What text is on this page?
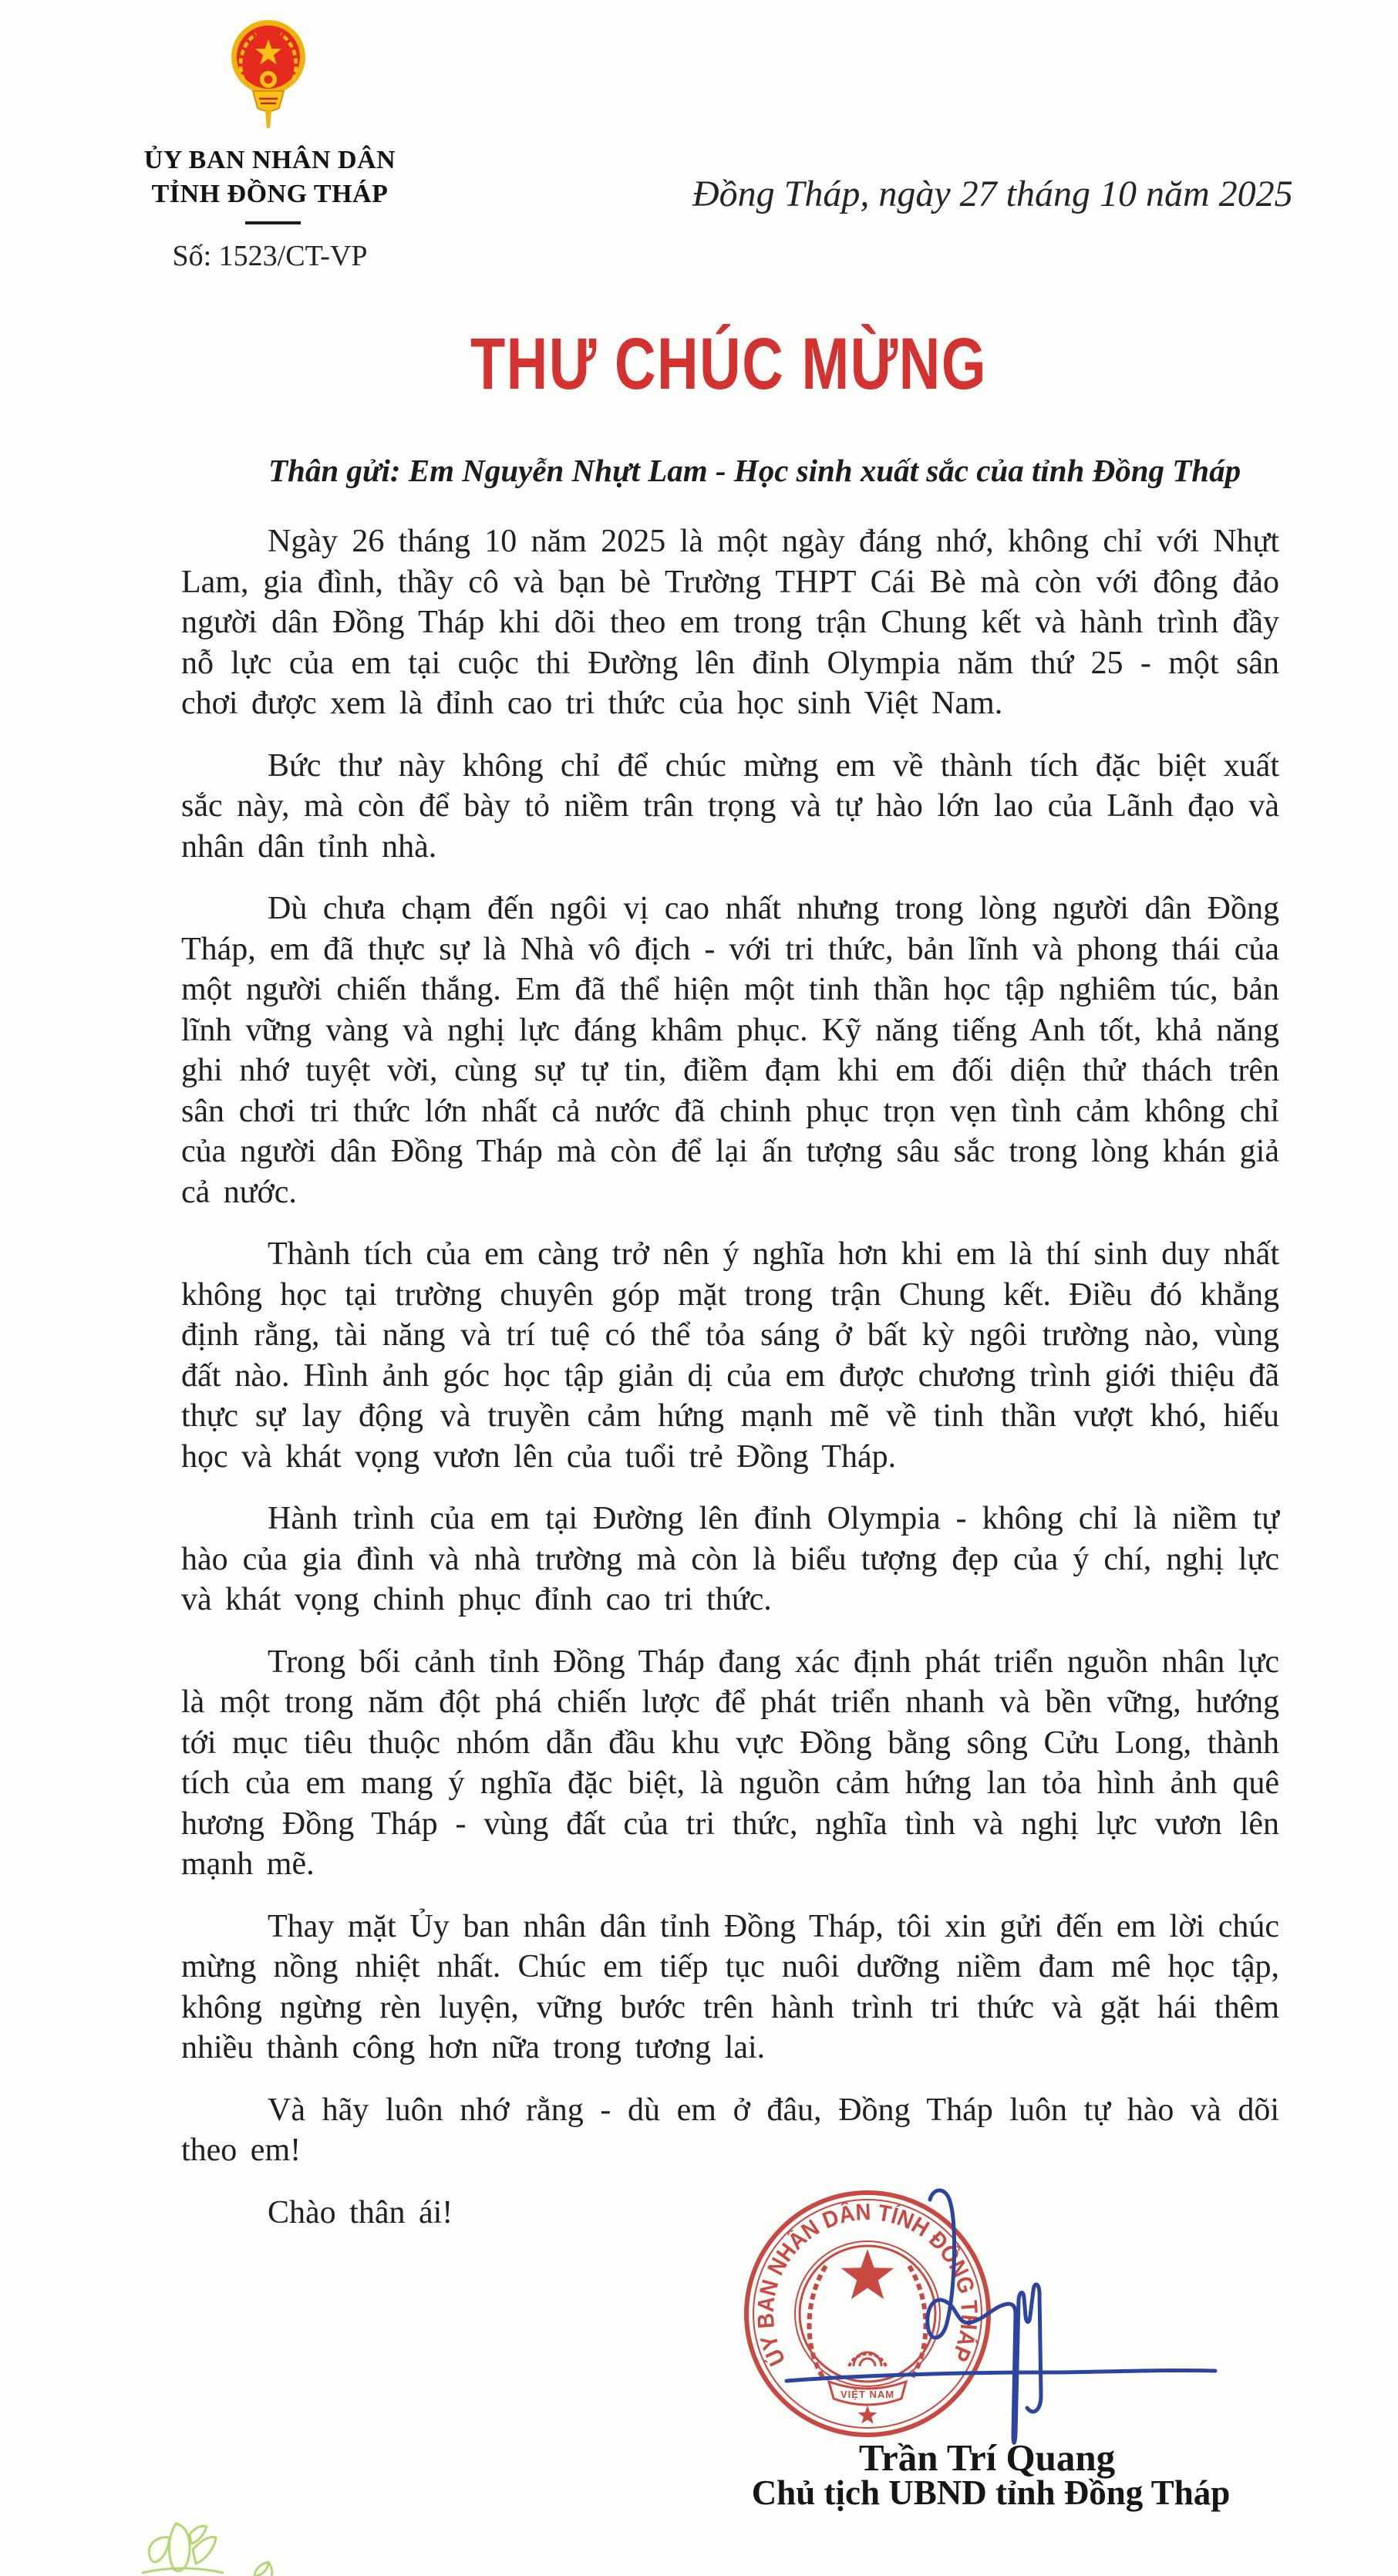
ỦY BAN NHÂN DÂN
TỈNH ĐỒNG THÁP
Số: 1523/CT-VP
Đồng Tháp, ngày 27 tháng 10 năm 2025
THƯ CHÚC MỪNG
Thân gửi: Em Nguyễn Nhựt Lam - Học sinh xuất sắc của tỉnh Đồng Tháp

Ngày 26 tháng 10 năm 2025 là một ngày đáng nhớ, không chỉ với Nhựt Lam, gia đình, thầy cô và bạn bè Trường THPT Cái Bè mà còn với đông đảo người dân Đồng Tháp khi dõi theo em trong trận Chung kết và hành trình đầy nỗ lực của em tại cuộc thi Đường lên đỉnh Olympia năm thứ 25 - một sân chơi được xem là đỉnh cao tri thức của học sinh Việt Nam.

Bức thư này không chỉ để chúc mừng em về thành tích đặc biệt xuất sắc này, mà còn để bày tỏ niềm trân trọng và tự hào lớn lao của Lãnh đạo và nhân dân tỉnh nhà.

Dù chưa chạm đến ngôi vị cao nhất nhưng trong lòng người dân Đồng Tháp, em đã thực sự là Nhà vô địch - với tri thức, bản lĩnh và phong thái của một người chiến thắng. Em đã thể hiện một tinh thần học tập nghiêm túc, bản lĩnh vững vàng và nghị lực đáng khâm phục. Kỹ năng tiếng Anh tốt, khả năng ghi nhớ tuyệt vời, cùng sự tự tin, điềm đạm khi em đối diện thử thách trên sân chơi tri thức lớn nhất cả nước đã chinh phục trọn vẹn tình cảm không chỉ của người dân Đồng Tháp mà còn để lại ấn tượng sâu sắc trong lòng khán giả cả nước.

Thành tích của em càng trở nên ý nghĩa hơn khi em là thí sinh duy nhất không học tại trường chuyên góp mặt trong trận Chung kết. Điều đó khẳng định rằng, tài năng và trí tuệ có thể tỏa sáng ở bất kỳ ngôi trường nào, vùng đất nào. Hình ảnh góc học tập giản dị của em được chương trình giới thiệu đã thực sự lay động và truyền cảm hứng mạnh mẽ về tinh thần vượt khó, hiếu học và khát vọng vươn lên của tuổi trẻ Đồng Tháp.

Hành trình của em tại Đường lên đỉnh Olympia - không chỉ là niềm tự hào của gia đình và nhà trường mà còn là biểu tượng đẹp của ý chí, nghị lực và khát vọng chinh phục đỉnh cao tri thức.

Trong bối cảnh tỉnh Đồng Tháp đang xác định phát triển nguồn nhân lực là một trong năm đột phá chiến lược để phát triển nhanh và bền vững, hướng tới mục tiêu thuộc nhóm dẫn đầu khu vực Đồng bằng sông Cửu Long, thành tích của em mang ý nghĩa đặc biệt, là nguồn cảm hứng lan tỏa hình ảnh quê hương Đồng Tháp - vùng đất của tri thức, nghĩa tình và nghị lực vươn lên mạnh mẽ.

Thay mặt Ủy ban nhân dân tỉnh Đồng Tháp, tôi xin gửi đến em lời chúc mừng nồng nhiệt nhất. Chúc em tiếp tục nuôi dưỡng niềm đam mê học tập, không ngừng rèn luyện, vững bước trên hành trình tri thức và gặt hái thêm nhiều thành công hơn nữa trong tương lai.

Và hãy luôn nhớ rằng - dù em ở đâu, Đồng Tháp luôn tự hào và dõi theo em!

Chào thân ái!

ỦY BAN NHÂN DÂN TỈNH ĐỒNG THÁP
VIỆT NAM
Trần Trí Quang
Chủ tịch UBND tỉnh Đồng Tháp
